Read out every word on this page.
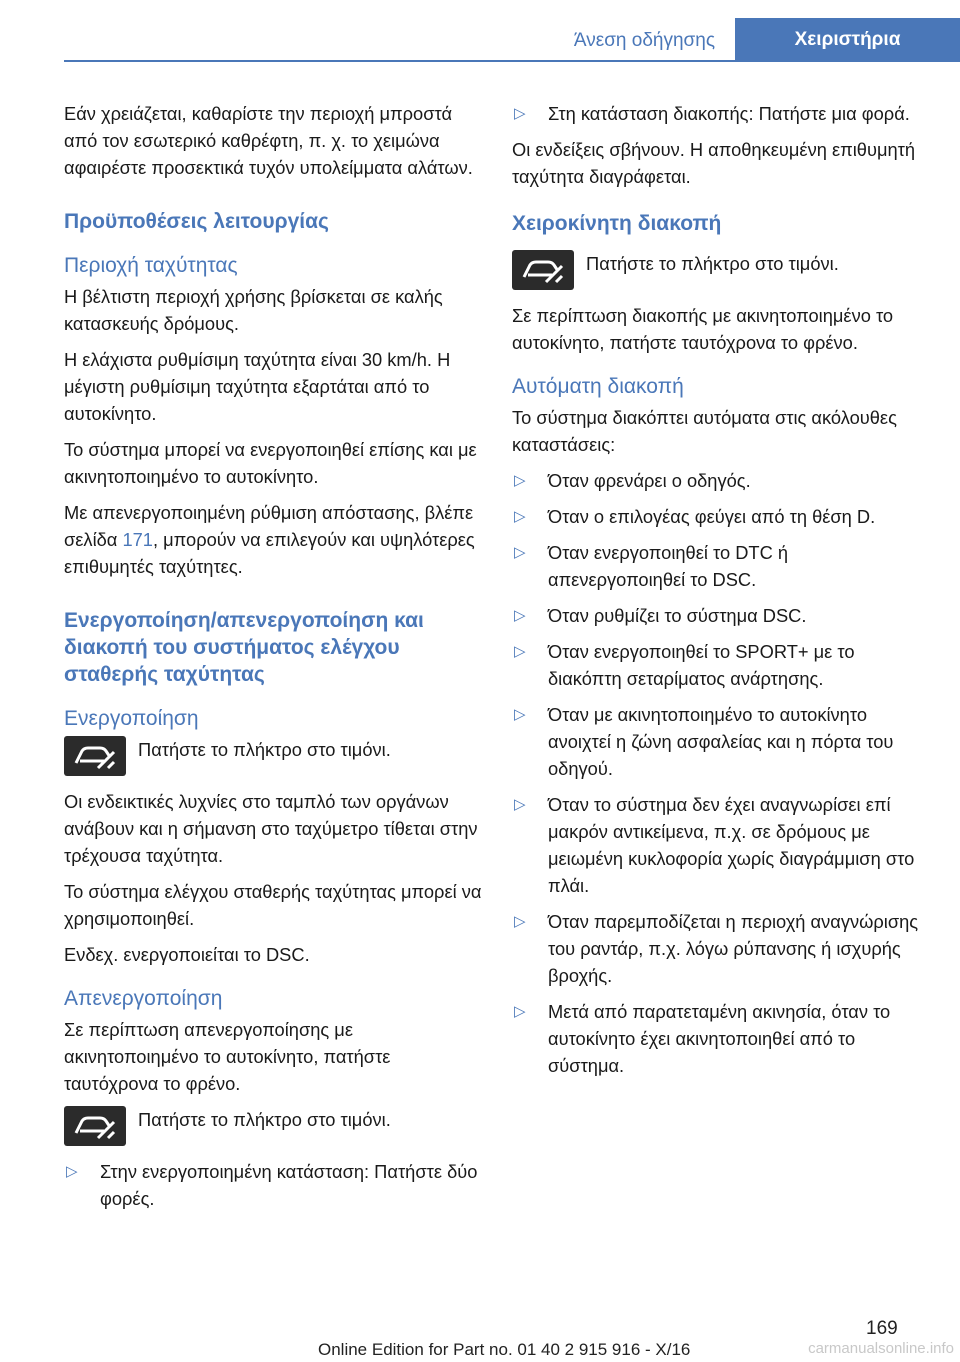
Άνεση οδήγησης	Χειριστήρια

Εάν χρειάζεται, καθαρίστε την περιοχή μπροστά από τον εσωτερικό καθρέφτη, π. χ. το χειμώνα αφαιρέστε προσεκτικά τυχόν υπολείμματα αλάτων.

Προϋποθέσεις λειτουργίας
Περιοχή ταχύτητας

Η βέλτιστη περιοχή χρήσης βρίσκεται σε καλής κατασκευής δρόμους.

Η ελάχιστα ρυθμίσιμη ταχύτητα είναι 30 km/h. Η μέγιστη ρυθμίσιμη ταχύτητα εξαρτάται από το αυτοκίνητο.

Το σύστημα μπορεί να ενεργοποιηθεί επίσης και με ακινητοποιημένο το αυτοκίνητο.

Με απενεργοποιημένη ρύθμιση απόστασης, βλέπε σελίδα 171, μπορούν να επιλεγούν και υψηλότερες επιθυμητές ταχύτητες.

Ενεργοποίηση/απενεργοποίηση και διακοπή του συστήματος ελέγχου σταθερής ταχύτητας
Ενεργοποίηση

Πατήστε το πλήκτρο στο τιμόνι.

Οι ενδεικτικές λυχνίες στο ταμπλό των οργάνων ανάβουν και η σήμανση στο ταχύμετρο τίθεται στην τρέχουσα ταχύτητα.

Το σύστημα ελέγχου σταθερής ταχύτητας μπορεί να χρησιμοποιηθεί.

Ενδεχ. ενεργοποιείται το DSC.

Απενεργοποίηση

Σε περίπτωση απενεργοποίησης με ακινητοποιημένο το αυτοκίνητο, πατήστε ταυτόχρονα το φρένο.

Πατήστε το πλήκτρο στο τιμόνι.

▷ Στην ενεργοποιημένη κατάσταση: Πατήστε δύο φορές.
▷ Στη κατάσταση διακοπής: Πατήστε μια φορά.

Οι ενδείξεις σβήνουν. Η αποθηκευμένη επιθυμητή ταχύτητα διαγράφεται.

Χειροκίνητη διακοπή

Πατήστε το πλήκτρο στο τιμόνι.

Σε περίπτωση διακοπής με ακινητοποιημένο το αυτοκίνητο, πατήστε ταυτόχρονα το φρένο.

Αυτόματη διακοπή

Το σύστημα διακόπτει αυτόματα στις ακόλουθες καταστάσεις:

▷ Όταν φρενάρει ο οδηγός.
▷ Όταν ο επιλογέας φεύγει από τη θέση D.
▷ Όταν ενεργοποιηθεί το DTC ή απενεργοποιηθεί το DSC.
▷ Όταν ρυθμίζει το σύστημα DSC.
▷ Όταν ενεργοποιηθεί το SPORT+ με το διακόπτη σεταρίματος ανάρτησης.
▷ Όταν με ακινητοποιημένο το αυτοκίνητο ανοιχτεί η ζώνη ασφαλείας και η πόρτα του οδηγού.
▷ Όταν το σύστημα δεν έχει αναγνωρίσει επί μακρόν αντικείμενα, π.χ. σε δρόμους με μειωμένη κυκλοφορία χωρίς διαγράμμιση στο πλάι.
▷ Όταν παρεμποδίζεται η περιοχή αναγνώρισης του ραντάρ, π.χ. λόγω ρύπανσης ή ισχυρής βροχής.
▷ Μετά από παρατεταμένη ακινησία, όταν το αυτοκίνητο έχει ακινητοποιηθεί από το σύστημα.
169
Online Edition for Part no. 01 40 2 915 916 - X/16	carmanualsonline.info
